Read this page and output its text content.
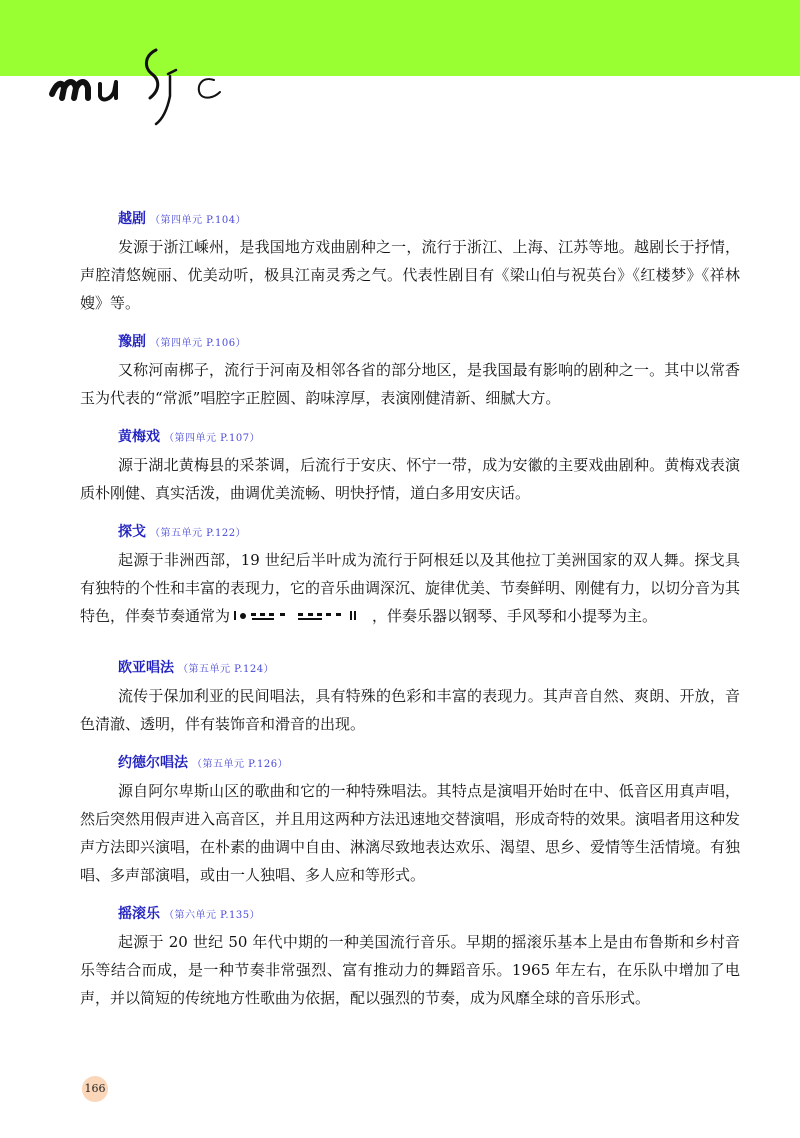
越剧 （第四单元 P.104）

发源于浙江嵊州，是我国地方戏曲剧种之一，流行于浙江、上海、江苏等地。越剧长于抒情，声腔清悠婉丽、优美动听，极具江南灵秀之气。代表性剧目有《梁山伯与祝英台》《红楼梦》《祥林嫂》等。

豫剧 （第四单元 P.106）

又称河南梆子，流行于河南及相邻各省的部分地区，是我国最有影响的剧种之一。其中以常香玉为代表的“常派”唱腔字正腔圆、韵味淳厚，表演刚健清新、细腻大方。

黄梅戏 （第四单元 P.107）

源于湖北黄梅县的采茶调，后流行于安庆、怀宁一带，成为安徽的主要戏曲剧种。黄梅戏表演质朴刚健、真实活泼，曲调优美流畅、明快抒情，道白多用安庆话。

探戈 （第五单元 P.122）

起源于非洲西部，19 世纪后半叶成为流行于阿根廷以及其他拉丁美洲国家的双人舞。探戈具有独特的个性和丰富的表现力，它的音乐曲调深沉、旋律优美、节奏鲜明、刚健有力，以切分音为其特色，伴奏节奏通常为	，伴奏乐器以钢琴、手风琴和小提琴为主。

欧亚唱法 （第五单元 P.124）

流传于保加利亚的民间唱法，具有特殊的色彩和丰富的表现力。其声音自然、爽朗、开放，音色清澈、透明，伴有装饰音和滑音的出现。

约德尔唱法 （第五单元 P.126）

源自阿尔卑斯山区的歌曲和它的一种特殊唱法。其特点是演唱开始时在中、低音区用真声唱，然后突然用假声进入高音区，并且用这两种方法迅速地交替演唱，形成奇特的效果。演唱者用这种发声方法即兴演唱，在朴素的曲调中自由、淋漓尽致地表达欢乐、渴望、思乡、爱情等生活情境。有独唱、多声部演唱，或由一人独唱、多人应和等形式。

摇滚乐 （第六单元 P.135）

起源于 20 世纪 50 年代中期的一种美国流行音乐。早期的摇滚乐基本上是由布鲁斯和乡村音乐等结合而成，是一种节奏非常强烈、富有推动力的舞蹈音乐。1965 年左右，在乐队中增加了电声，并以简短的传统地方性歌曲为依据，配以强烈的节奏，成为风靡全球的音乐形式。

166
